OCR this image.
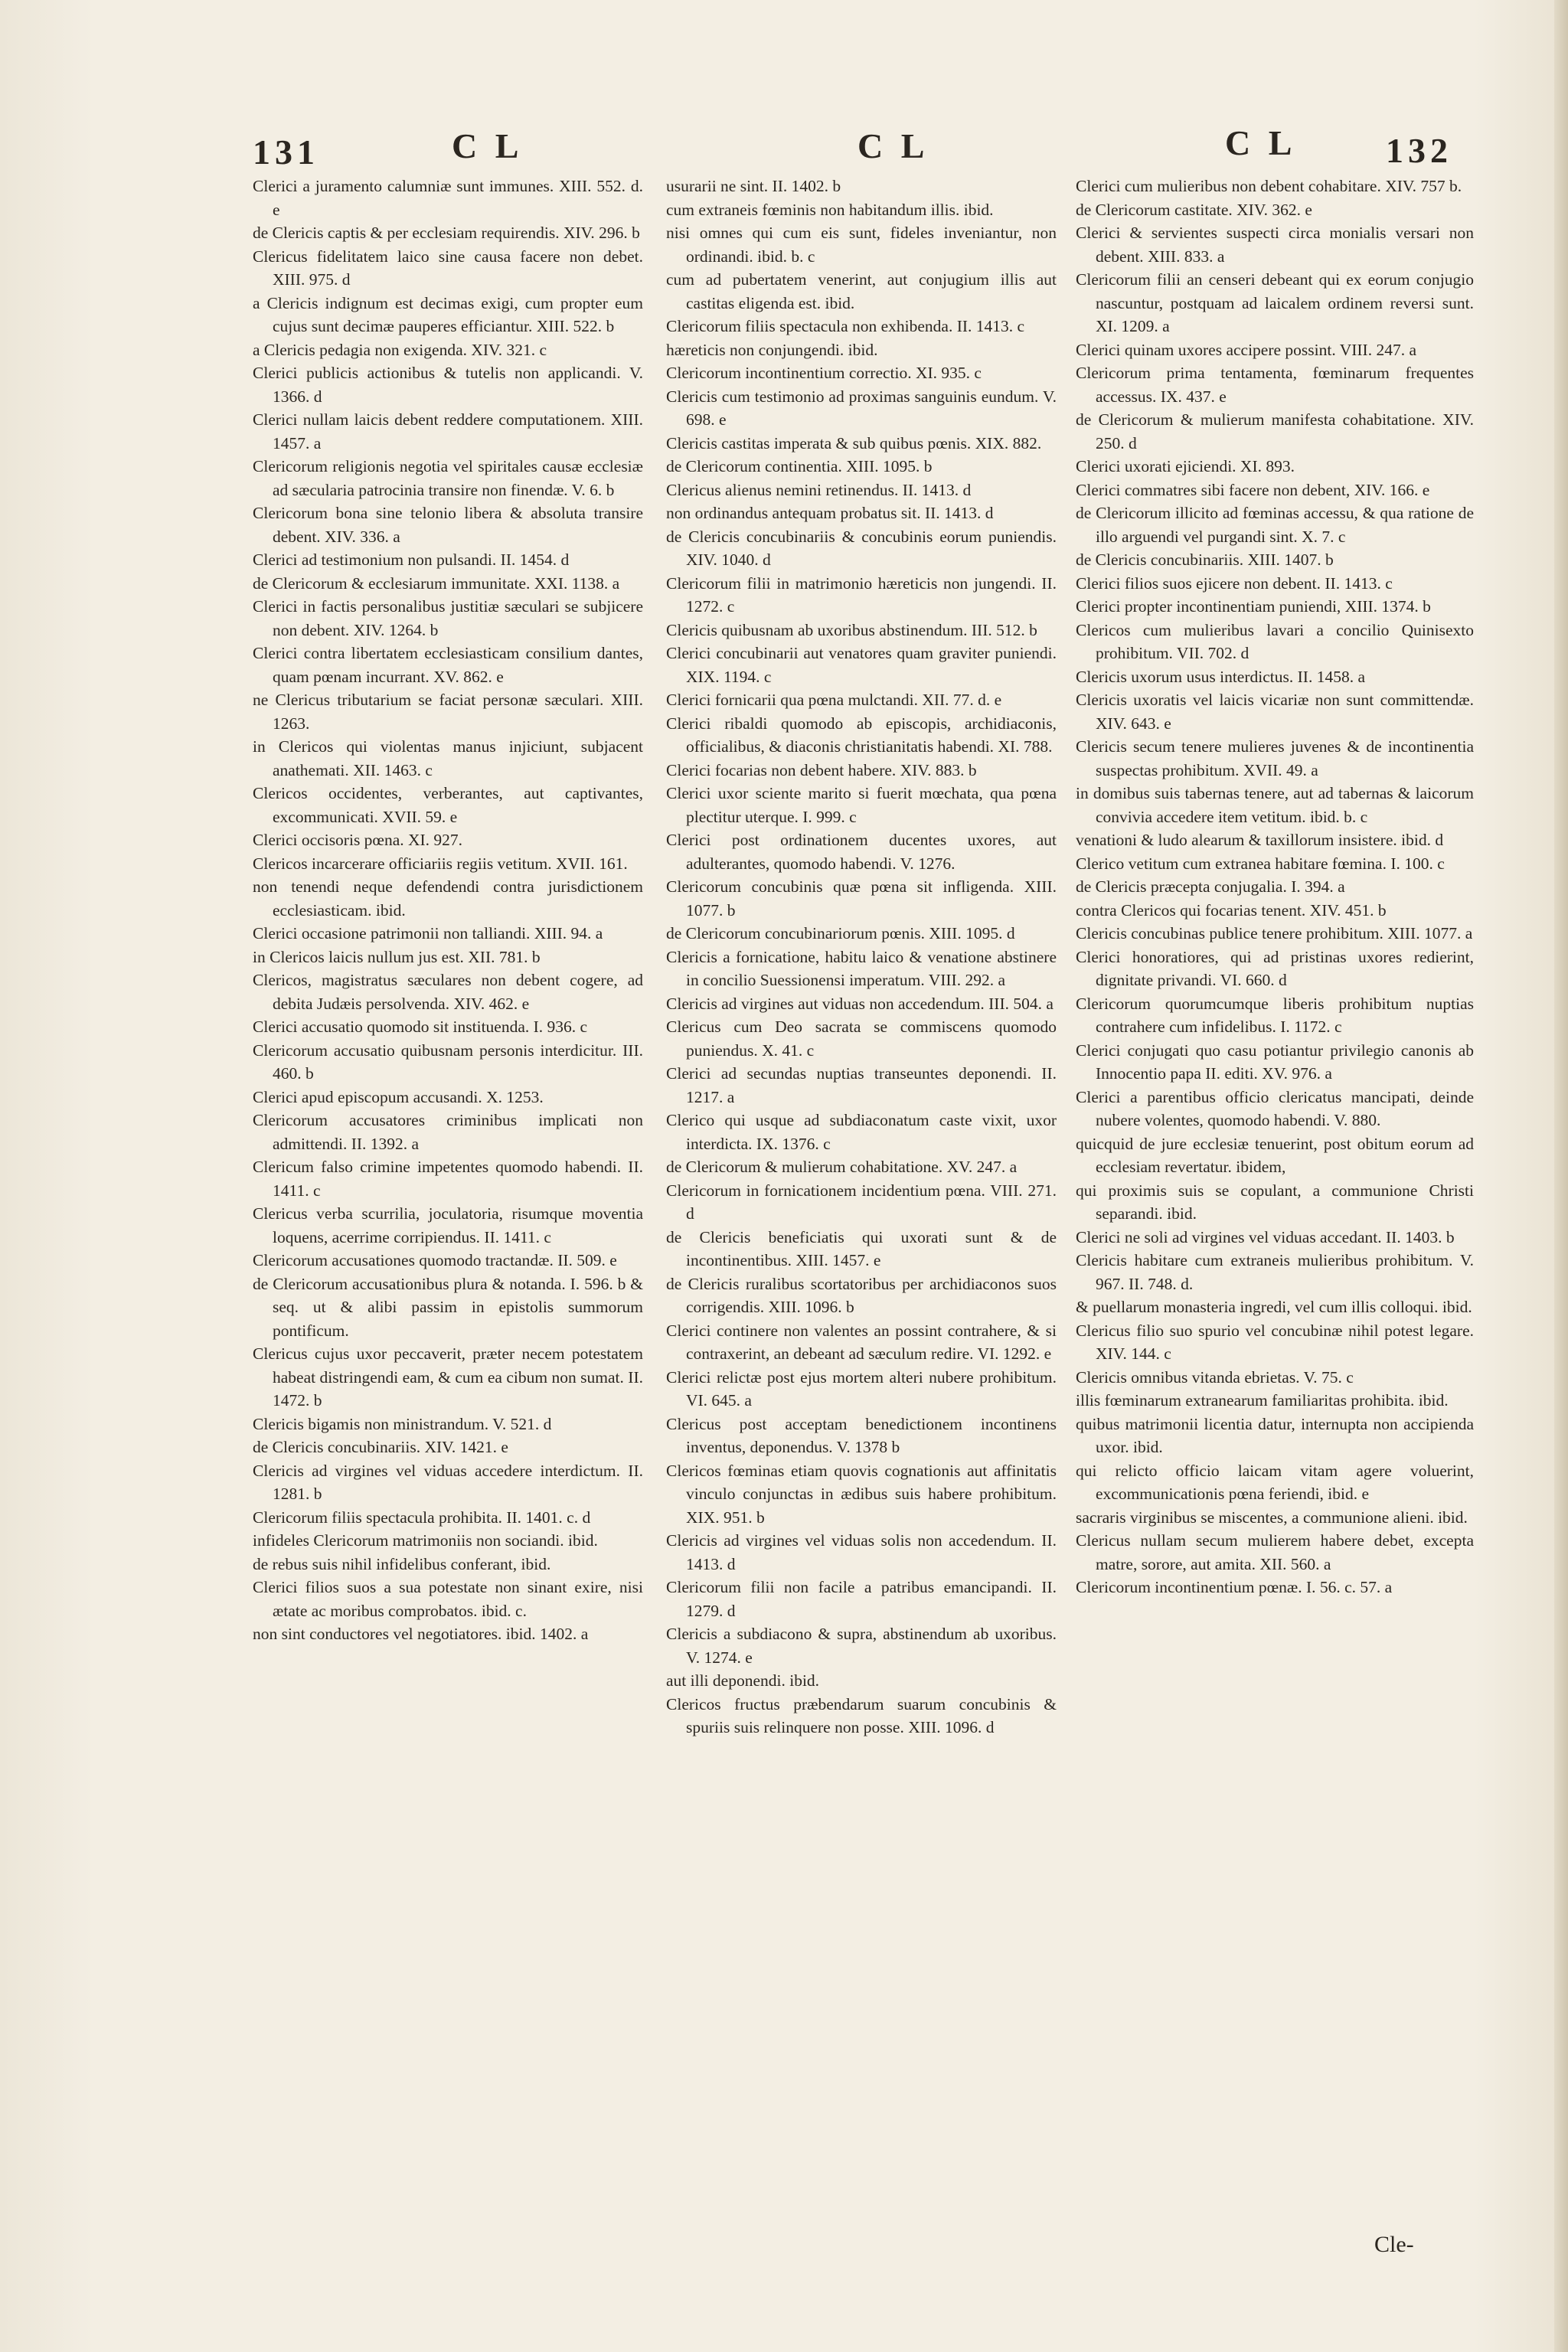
131	C L	C L	C L	132

Clerici a juramento calumniæ sunt immunes. XIII. 552. d. e

de Clericis captis & per ecclesiam requirendis. XIV. 296. b

Clericus fidelitatem laico sine causa facere non debet. XIII. 975. d

a Clericis indignum est decimas exigi, cum propter eum cujus sunt decimæ pauperes efficiantur. XIII. 522. b

a Clericis pedagia non exigenda. XIV. 321. c

Clerici publicis actionibus & tutelis non applicandi. V. 1366. d

Clerici nullam laicis debent reddere computationem. XIII. 1457. a

Clericorum religionis negotia vel spiritales causæ ecclesiæ ad sæcularia patrocinia transire non finendæ. V. 6. b

Clericorum bona sine telonio libera & absoluta transire debent. XIV. 336. a

Clerici ad testimonium non pulsandi. II. 1454. d

de Clericorum & ecclesiarum immunitate. XXI. 1138. a

Clerici in factis personalibus justitiæ sæculari se subjicere non debent. XIV. 1264. b

Clerici contra libertatem ecclesiasticam consilium dantes, quam pœnam incurrant. XV. 862. e

ne Clericus tributarium se faciat personæ sæculari. XIII. 1263.

in Clericos qui violentas manus injiciunt, subjacent anathemati. XII. 1463. c

Clericos occidentes, verberantes, aut captivantes, excommunicati. XVII. 59. e

Clerici occisoris pœna. XI. 927.

Clericos incarcerare officiariis regiis vetitum. XVII. 161.

non tenendi neque defendendi contra jurisdictionem ecclesiasticam. ibid.

Clerici occasione patrimonii non talliandi. XIII. 94. a

in Clericos laicis nullum jus est. XII. 781. b

Clericos, magistratus sæculares non debent cogere, ad debita Judæis persolvenda. XIV. 462. e

Clerici accusatio quomodo sit instituenda. I. 936. c

Clericorum accusatio quibusnam personis interdicitur. III. 460. b

Clerici apud episcopum accusandi. X. 1253.

Clericorum accusatores criminibus implicati non admittendi. II. 1392. a

Clericum falso crimine impetentes quomodo habendi. II. 1411. c

Clericus verba scurrilia, joculatoria, risumque moventia loquens, acerrime corripiendus. II. 1411. c

Clericorum accusationes quomodo tractandæ. II. 509. e

de Clericorum accusationibus plura & notanda. I. 596. b & seq. ut & alibi passim in epistolis summorum pontificum.

Clericus cujus uxor peccaverit, præter necem potestatem habeat distringendi eam, & cum ea cibum non sumat. II. 1472. b

Clericis bigamis non ministrandum. V. 521. d

de Clericis concubinariis. XIV. 1421. e

Clericis ad virgines vel viduas accedere interdictum. II. 1281. b

Clericorum filiis spectacula prohibita. II. 1401. c. d

infideles Clericorum matrimoniis non sociandi. ibid.

de rebus suis nihil infidelibus conferant, ibid.

Clerici filios suos a sua potestate non sinant exire, nisi ætate ac moribus comprobatos. ibid. c.

non sint conductores vel negotiatores. ibid. 1402. a

usurarii ne sint. II. 1402. b

cum extraneis fœminis non habitandum illis. ibid.

nisi omnes qui cum eis sunt, fideles inveniantur, non ordinandi. ibid. b. c

cum ad pubertatem venerint, aut conjugium illis aut castitas eligenda est. ibid.

Clericorum filiis spectacula non exhibenda. II. 1413. c

hæreticis non conjungendi. ibid.

Clericorum incontinentium correctio. XI. 935. c

Clericis cum testimonio ad proximas sanguinis eundum. V. 698. e

Clericis castitas imperata & sub quibus pœnis. XIX. 882.

de Clericorum continentia. XIII. 1095. b

Clericus alienus nemini retinendus. II. 1413. d

non ordinandus antequam probatus sit. II. 1413. d

de Clericis concubinariis & concubinis eorum puniendis. XIV. 1040. d

Clericorum filii in matrimonio hæreticis non jungendi. II. 1272. c

Clericis quibusnam ab uxoribus abstinendum. III. 512. b

Clerici concubinarii aut venatores quam graviter puniendi. XIX. 1194. c

Clerici fornicarii qua pœna mulctandi. XII. 77. d. e

Clerici ribaldi quomodo ab episcopis, archidiaconis, officialibus, & diaconis christianitatis habendi. XI. 788.

Clerici focarias non debent habere. XIV. 883. b

Clerici uxor sciente marito si fuerit mœchata, qua pœna plectitur uterque. I. 999. c

Clerici post ordinationem ducentes uxores, aut adulterantes, quomodo habendi. V. 1276.

Clericorum concubinis quæ pœna sit infligenda. XIII. 1077. b

de Clericorum concubinariorum pœnis. XIII. 1095. d

Clericis a fornicatione, habitu laico & venatione abstinere in concilio Suessionensi imperatum. VIII. 292. a

Clericis ad virgines aut viduas non accedendum. III. 504. a

Clericus cum Deo sacrata se commiscens quomodo puniendus. X. 41. c

Clerici ad secundas nuptias transeuntes deponendi. II. 1217. a

Clerico qui usque ad subdiaconatum caste vixit, uxor interdicta. IX. 1376. c

de Clericorum & mulierum cohabitatione. XV. 247. a

Clericorum in fornicationem incidentium pœna. VIII. 271. d

de Clericis beneficiatis qui uxorati sunt & de incontinentibus. XIII. 1457. e

de Clericis ruralibus scortatoribus per archidiaconos suos corrigendis. XIII. 1096. b

Clerici continere non valentes an possint contrahere, & si contraxerint, an debeant ad sæculum redire. VI. 1292. e

Clerici relictæ post ejus mortem alteri nubere prohibitum. VI. 645. a

Clericus post acceptam benedictionem incontinens inventus, deponendus. V. 1378 b

Clericos fœminas etiam quovis cognationis aut affinitatis vinculo conjunctas in ædibus suis habere prohibitum. XIX. 951. b

Clericis ad virgines vel viduas solis non accedendum. II. 1413. d

Clericorum filii non facile a patribus emancipandi. II. 1279. d

Clericis a subdiacono & supra, abstinendum ab uxoribus. V. 1274. e

aut illi deponendi. ibid.

Clericos fructus præbendarum suarum concubinis & spuriis suis relinquere non posse. XIII. 1096. d

Clerici cum mulieribus non debent cohabitare. XIV. 757 b.

de Clericorum castitate. XIV. 362. e

Clerici & servientes suspecti circa monialis versari non debent. XIII. 833. a

Clericorum filii an censeri debeant qui ex eorum conjugio nascuntur, postquam ad laicalem ordinem reversi sunt. XI. 1209. a

Clerici quinam uxores accipere possint. VIII. 247. a

Clericorum prima tentamenta, fœminarum frequentes accessus. IX. 437. e

de Clericorum & mulierum manifesta cohabitatione. XIV. 250. d

Clerici uxorati ejiciendi. XI. 893.

Clerici commatres sibi facere non debent, XIV. 166. e

de Clericorum illicito ad fœminas accessu, & qua ratione de illo arguendi vel purgandi sint. X. 7. c

de Clericis concubinariis. XIII. 1407. b

Clerici filios suos ejicere non debent. II. 1413. c

Clerici propter incontinentiam puniendi, XIII. 1374. b

Clericos cum mulieribus lavari a concilio Quinisexto prohibitum. VII. 702. d

Clericis uxorum usus interdictus. II. 1458. a

Clericis uxoratis vel laicis vicariæ non sunt committendæ. XIV. 643. e

Clericis secum tenere mulieres juvenes & de incontinentia suspectas prohibitum. XVII. 49. a

in domibus suis tabernas tenere, aut ad tabernas & laicorum convivia accedere item vetitum. ibid. b. c

venationi & ludo alearum & taxillorum insistere. ibid. d

Clerico vetitum cum extranea habitare fœmina. I. 100. c

de Clericis præcepta conjugalia. I. 394. a

contra Clericos qui focarias tenent. XIV. 451. b

Clericis concubinas publice tenere prohibitum. XIII. 1077. a

Clerici honoratiores, qui ad pristinas uxores redierint, dignitate privandi. VI. 660. d

Clericorum quorumcumque liberis prohibitum nuptias contrahere cum infidelibus. I. 1172. c

Clerici conjugati quo casu potiantur privilegio canonis ab Innocentio papa II. editi. XV. 976. a

Clerici a parentibus officio clericatus mancipati, deinde nubere volentes, quomodo habendi. V. 880.

quicquid de jure ecclesiæ tenuerint, post obitum eorum ad ecclesiam revertatur. ibidem,

qui proximis suis se copulant, a communione Christi separandi. ibid.

Clerici ne soli ad virgines vel viduas accedant. II. 1403. b

Clericis habitare cum extraneis mulieribus prohibitum. V. 967. II. 748. d.

& puellarum monasteria ingredi, vel cum illis colloqui. ibid.

Clericus filio suo spurio vel concubinæ nihil potest legare. XIV. 144. c

Clericis omnibus vitanda ebrietas. V. 75. c

illis fœminarum extranearum familiaritas prohibita. ibid.

quibus matrimonii licentia datur, internupta non accipienda uxor. ibid.

qui relicto officio laicam vitam agere voluerint, excommunicationis pœna feriendi, ibid. e

sacraris virginibus se miscentes, a communione alieni. ibid.

Clericus nullam secum mulierem habere debet, excepta matre, sorore, aut amita. XII. 560. a

Clericorum incontinentium pœnæ. I. 56. c. 57. a

Cle-
